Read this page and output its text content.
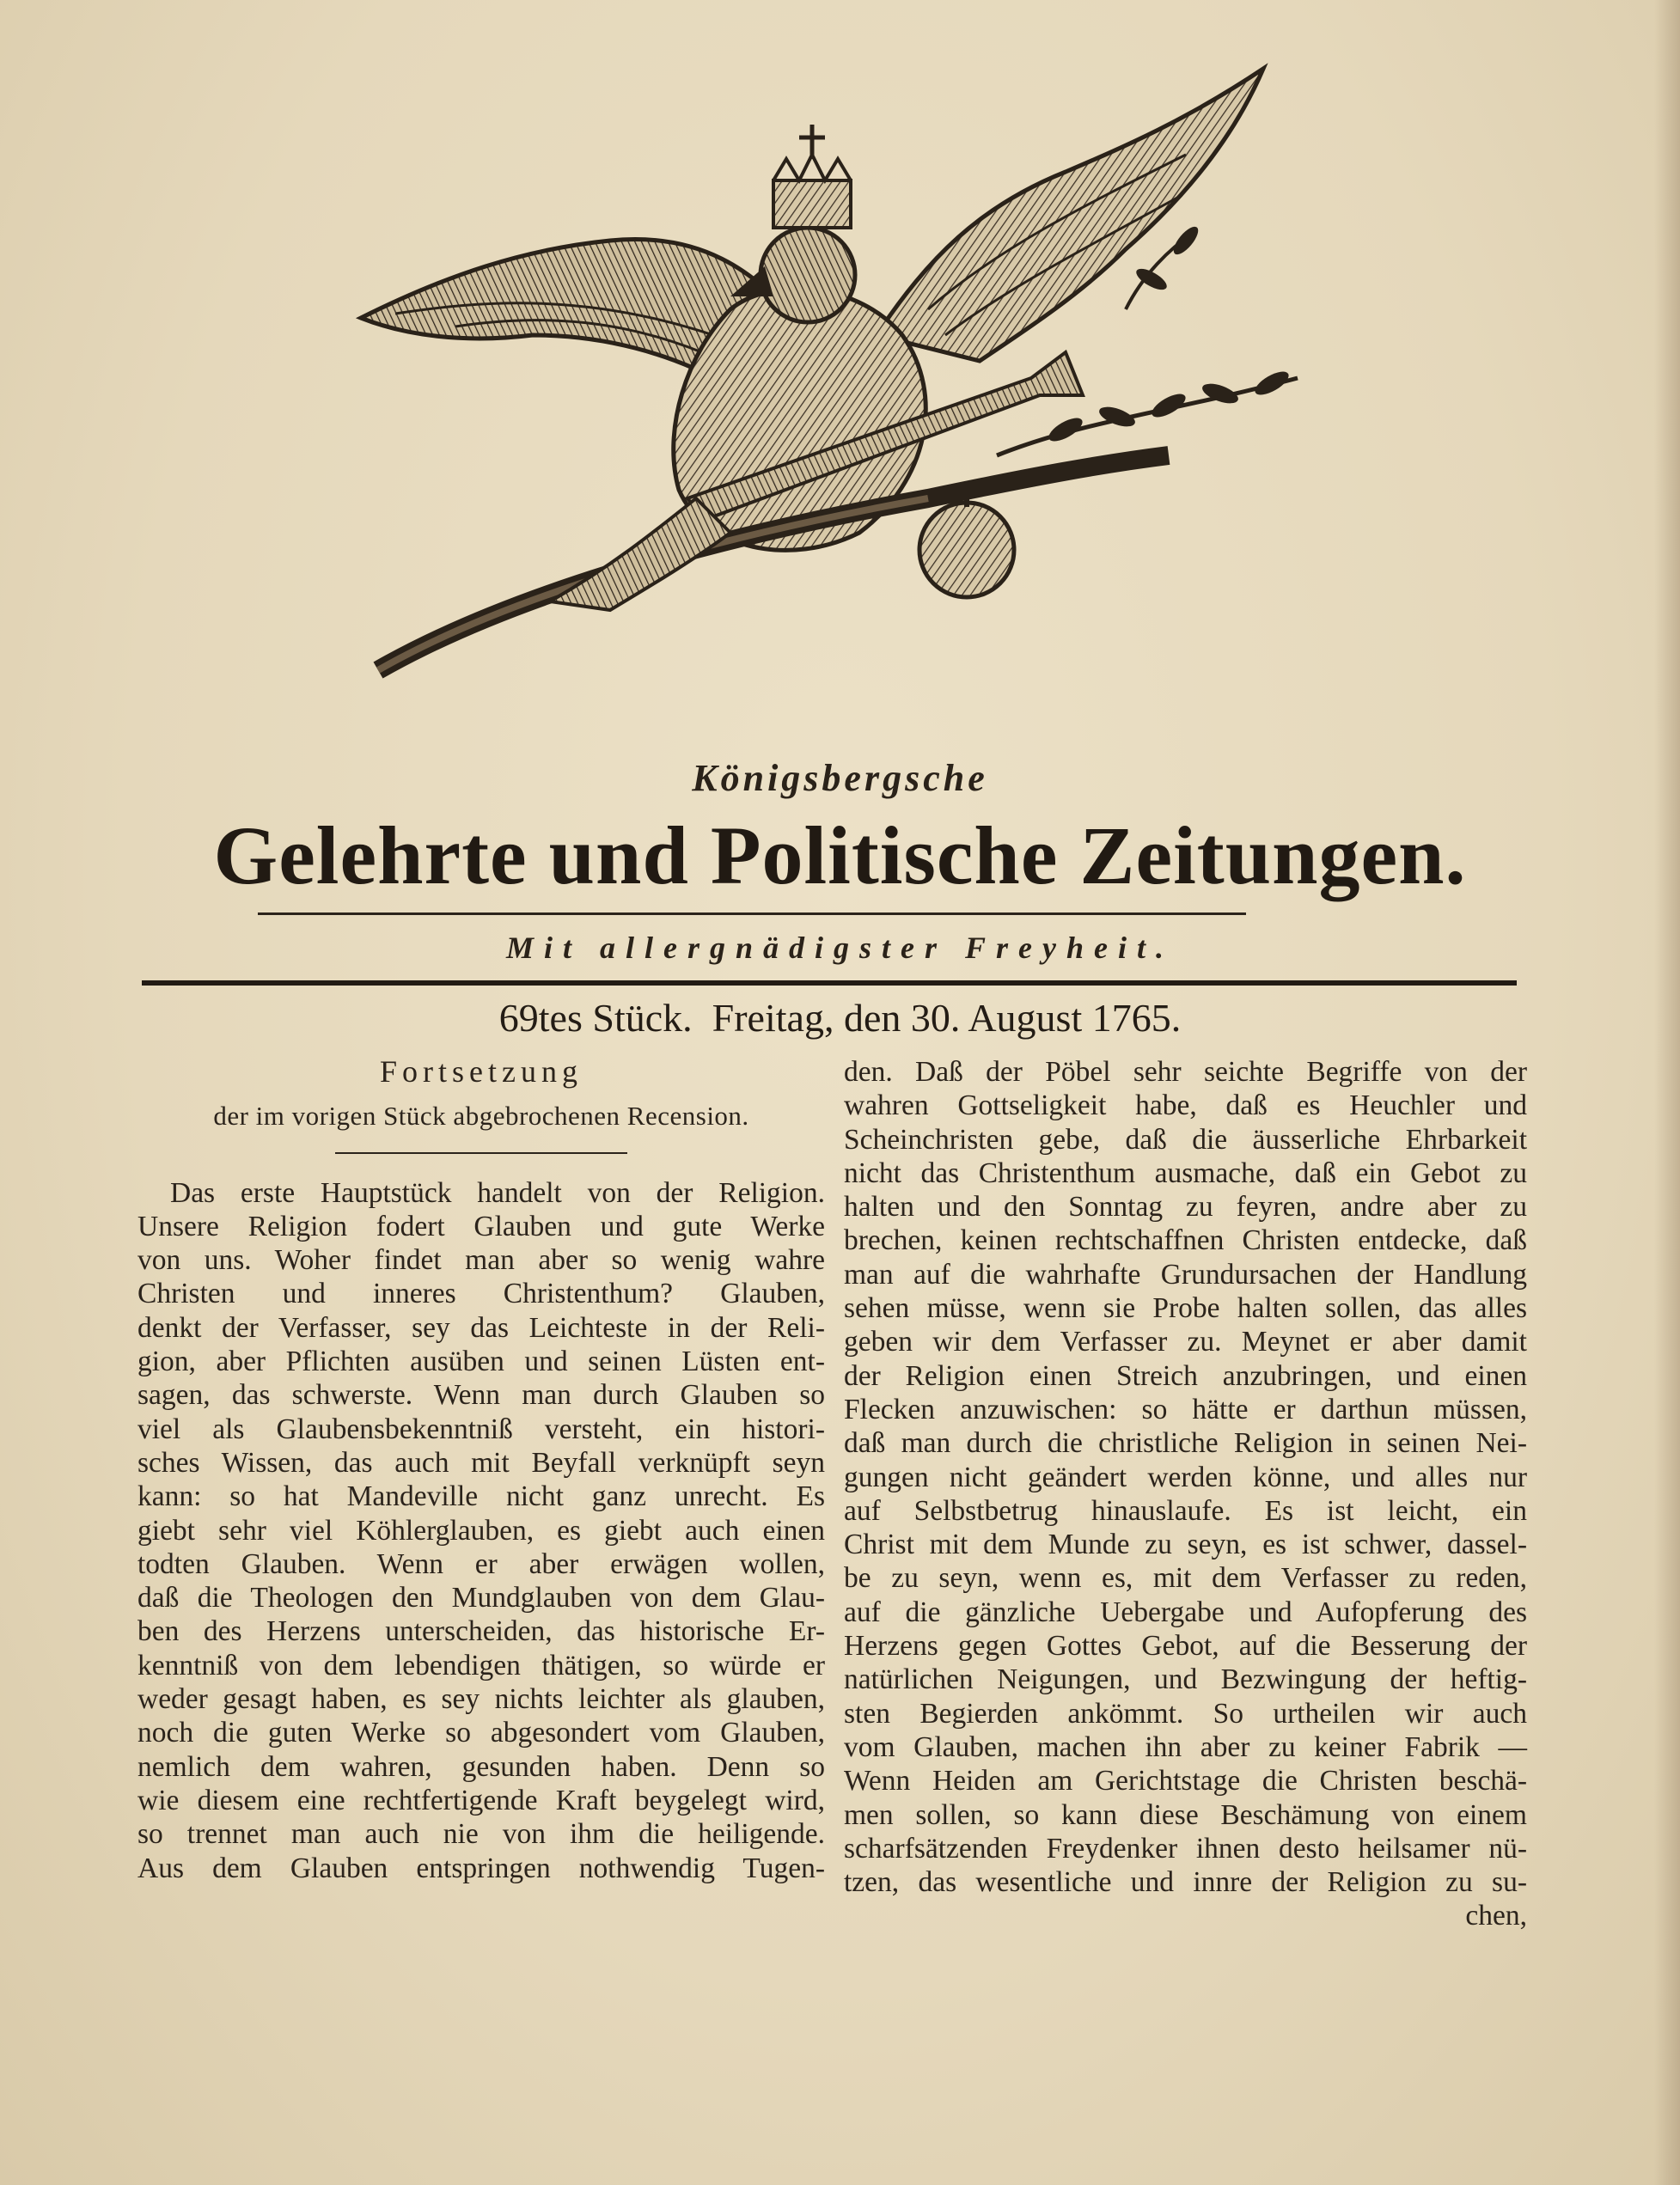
Königsbergsche
Gelehrte und Politische Zeitungen.
Mit allergnädigster Freyheit.
69tes Stück. Freitag, den 30. August 1765.
Fortsetzung
der im vorigen Stück abgebrochenen Recension.
Das erste Hauptstück handelt von der Religion.
Unsere Religion fodert Glauben und gute Werke
von uns. Woher findet man aber so wenig wahre
Christen und inneres Christenthum? Glauben,
denkt der Verfasser, sey das Leichteste in der Reli-
gion, aber Pflichten ausüben und seinen Lüsten ent-
sagen, das schwerste. Wenn man durch Glauben so
viel als Glaubensbekenntniß versteht, ein histori-
sches Wissen, das auch mit Beyfall verknüpft seyn
kann: so hat Mandeville nicht ganz unrecht. Es
giebt sehr viel Köhlerglauben, es giebt auch einen
todten Glauben. Wenn er aber erwägen wollen,
daß die Theologen den Mundglauben von dem Glau-
ben des Herzens unterscheiden, das historische Er-
kenntniß von dem lebendigen thätigen, so würde er
weder gesagt haben, es sey nichts leichter als glauben,
noch die guten Werke so abgesondert vom Glauben,
nemlich dem wahren, gesunden haben. Denn so
wie diesem eine rechtfertigende Kraft beygelegt wird,
so trennet man auch nie von ihm die heiligende.
Aus dem Glauben entspringen nothwendig Tugen-
den. Daß der Pöbel sehr seichte Begriffe von der
wahren Gottseligkeit habe, daß es Heuchler und
Scheinchristen gebe, daß die äusserliche Ehrbarkeit
nicht das Christenthum ausmache, daß ein Gebot zu
halten und den Sonntag zu feyren, andre aber zu
brechen, keinen rechtschaffnen Christen entdecke, daß
man auf die wahrhafte Grundursachen der Handlung
sehen müsse, wenn sie Probe halten sollen, das alles
geben wir dem Verfasser zu. Meynet er aber damit
der Religion einen Streich anzubringen, und einen
Flecken anzuwischen: so hätte er darthun müssen,
daß man durch die christliche Religion in seinen Nei-
gungen nicht geändert werden könne, und alles nur
auf Selbstbetrug hinauslaufe. Es ist leicht, ein
Christ mit dem Munde zu seyn, es ist schwer, dassel-
be zu seyn, wenn es, mit dem Verfasser zu reden,
auf die gänzliche Uebergabe und Aufopferung des
Herzens gegen Gottes Gebot, auf die Besserung der
natürlichen Neigungen, und Bezwingung der heftig-
sten Begierden ankömmt. So urtheilen wir auch
vom Glauben, machen ihn aber zu keiner Fabrik —
Wenn Heiden am Gerichtstage die Christen beschä-
men sollen, so kann diese Beschämung von einem
scharfsätzenden Freydenker ihnen desto heilsamer nü-
tzen, das wesentliche und innre der Religion zu su-
chen,
